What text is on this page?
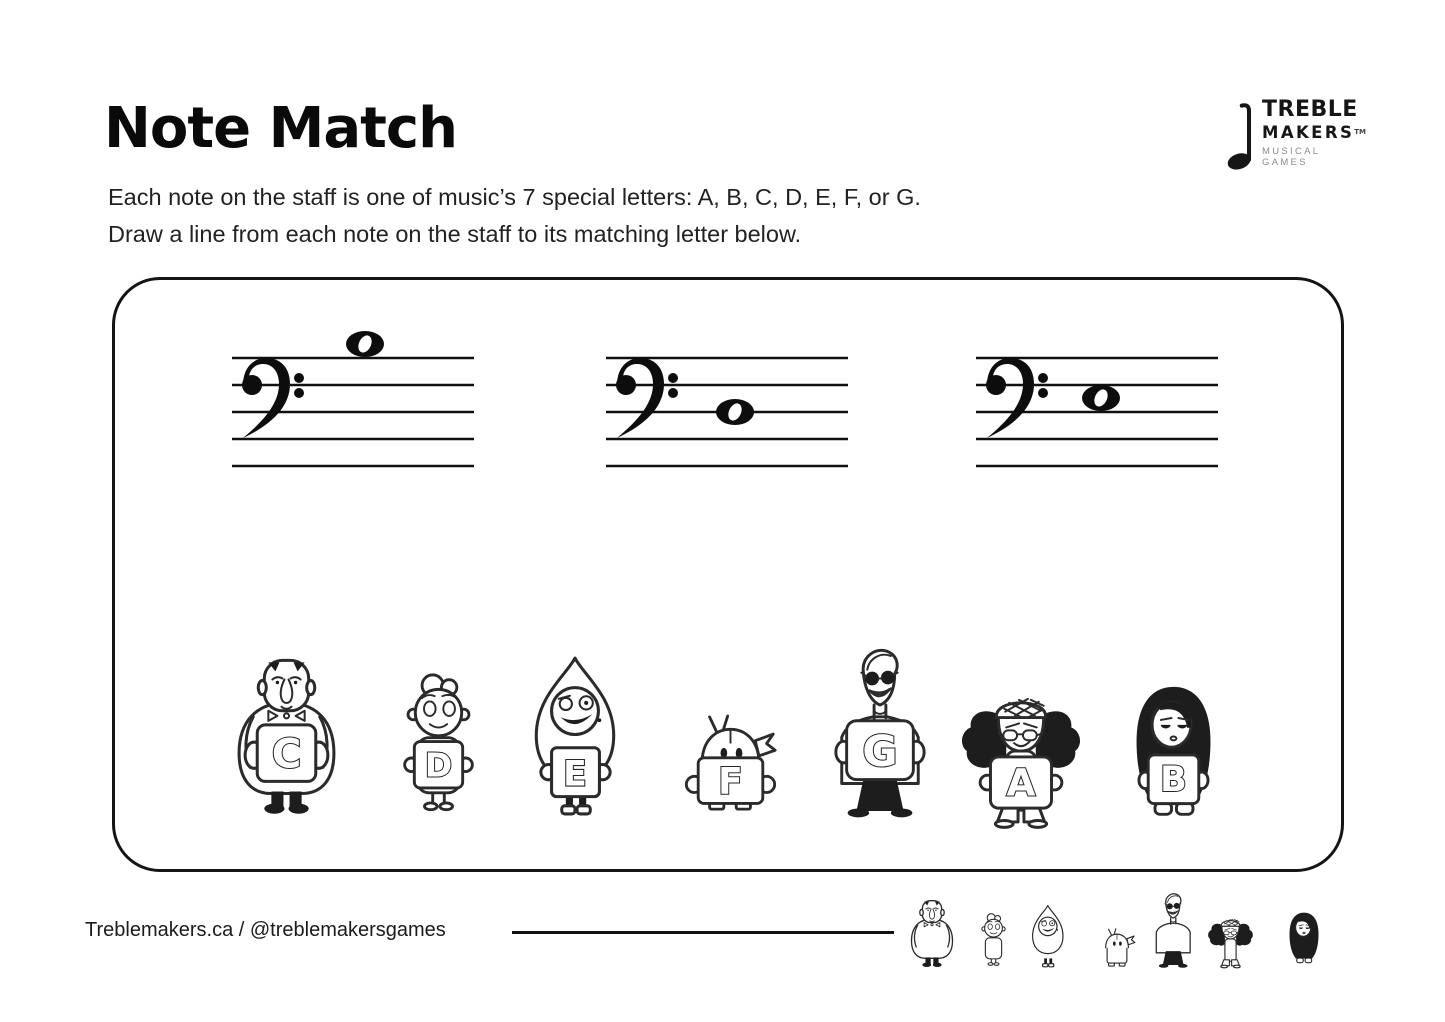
Note Match
Each note on the staff is one of music’s 7 special letters: A, B, C, D, E, F, or G.
Draw a line from each note on the staff to its matching letter below.
TREBLE
MAKERS™
MUSICAL GAMES
C	D	E	F
G
A	B
Treblemakers.ca / @treblemakersgames
